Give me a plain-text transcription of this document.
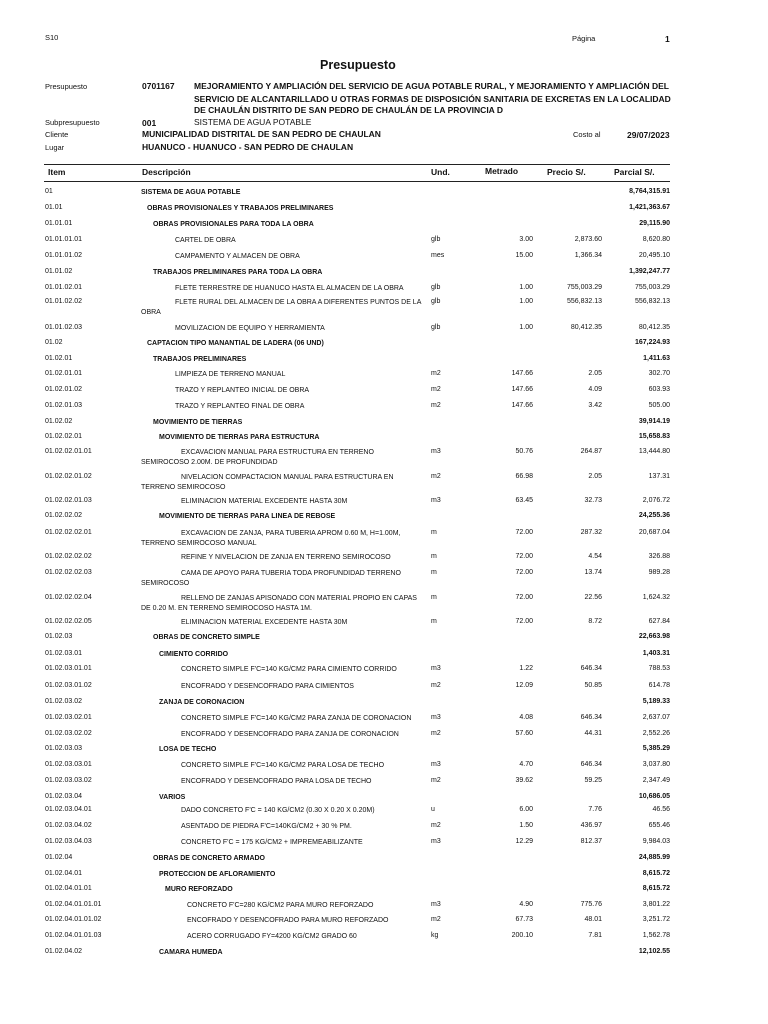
S10	Página	1
Presupuesto
Presupuesto	0701167 MEJORAMIENTO Y AMPLIACIÓN DEL SERVICIO DE AGUA POTABLE RURAL, Y MEJORAMIENTO Y AMPLIACIÓN DEL
SERVICIO DE ALCANTARILLADO U OTRAS FORMAS DE DISPOSICIÓN SANITARIA DE EXCRETAS EN LA LOCALIDAD
DE CHAULÁN DISTRITO DE SAN PEDRO DE CHAULÁN DE LA PROVINCIA D
Subpresupuesto	001	SISTEMA DE AGUA POTABLE
Cliente	MUNICIPALIDAD DISTRITAL DE SAN PEDRO DE CHAULAN	Costo al	29/07/2023
Lugar	HUANUCO - HUANUCO - SAN PEDRO DE CHAULAN
Item	Descripción	Und.	Metrado	Precio S/.	Parcial S/.
01	SISTEMA DE AGUA POTABLE	8,764,315.91
01.01	OBRAS PROVISIONALES Y TRABAJOS PRELIMINARES	1,421,363.67
01.01.01	OBRAS PROVISIONALES PARA TODA LA OBRA	29,115.90
01.01.01.01	CARTEL DE OBRA	glb	3.00	2,873.60	8,620.80
01.01.01.02	CAMPAMENTO Y ALMACEN DE OBRA	mes	15.00	1,366.34	20,495.10
01.01.02	TRABAJOS PRELIMINARES PARA TODA LA OBRA	1,392,247.77
01.01.02.01	FLETE TERRESTRE DE HUANUCO HASTA EL ALMACEN DE LA OBRA	glb	1.00	755,003.29	755,003.29
01.01.02.02	FLETE RURAL DEL ALMACEN DE LA OBRA A DIFERENTES PUNTOS DE LA OBRA
glb	1.00	556,832.13	556,832.13
01.01.02.03	MOVILIZACION DE EQUIPO Y HERRAMIENTA	glb	1.00	80,412.35	80,412.35
01.02	CAPTACION TIPO MANANTIAL DE LADERA (06 UND)	167,224.93
01.02.01	TRABAJOS PRELIMINARES	1,411.63
01.02.01.01	LIMPIEZA DE TERRENO MANUAL	m2	147.66	2.05	302.70
01.02.01.02	TRAZO Y REPLANTEO INICIAL DE OBRA	m2	147.66	4.09	603.93
01.02.01.03	TRAZO Y REPLANTEO FINAL DE OBRA	m2	147.66	3.42	505.00
01.02.02	MOVIMIENTO DE TIERRAS	39,914.19
01.02.02.01	MOVIMIENTO DE TIERRAS PARA ESTRUCTURA	15,658.83
01.02.02.01.01	EXCAVACION MANUAL PARA ESTRUCTURA EN TERRENO SEMIROCOSO 2.00M. DE PROFUNDIDAD
m3	50.76	264.87	13,444.80
01.02.02.01.02	NIVELACION COMPACTACION MANUAL PARA ESTRUCTURA EN TERRENO SEMIROCOSO
m2	66.98	2.05	137.31
01.02.02.01.03	ELIMINACION MATERIAL EXCEDENTE HASTA 30M	m3	63.45	32.73	2,076.72
01.02.02.02	MOVIMIENTO DE TIERRAS PARA LINEA DE REBOSE	24,255.36
01.02.02.02.01	EXCAVACION DE ZANJA, PARA TUBERIA APROM 0.60 M, H=1.00M, TERRENO SEMIROCOSO MANUAL
m	72.00	287.32	20,687.04
01.02.02.02.02	REFINE Y NIVELACION DE ZANJA EN TERRENO SEMIROCOSO	m	72.00	4.54	326.88
01.02.02.02.03	CAMA DE APOYO PARA TUBERIA TODA PROFUNDIDAD TERRENO SEMIROCOSO
m	72.00	13.74	989.28
01.02.02.02.04	RELLENO DE ZANJAS APISONADO CON MATERIAL PROPIO EN CAPAS DE 0.20 M. EN TERRENO SEMIROCOSO HASTA 1M.
m	72.00	22.56	1,624.32
01.02.02.02.05	ELIMINACION MATERIAL EXCEDENTE HASTA 30M	m	72.00	8.72	627.84
01.02.03	OBRAS DE CONCRETO SIMPLE	22,663.98
01.02.03.01	CIMIENTO CORRIDO	1,403.31
01.02.03.01.01	CONCRETO SIMPLE F'C=140 KG/CM2 PARA CIMIENTO CORRIDO	m3	1.22	646.34	788.53
01.02.03.01.02	ENCOFRADO Y DESENCOFRADO PARA CIMIENTOS	m2	12.09	50.85	614.78
01.02.03.02	ZANJA DE CORONACION	5,189.33
01.02.03.02.01	CONCRETO SIMPLE F'C=140 KG/CM2 PARA ZANJA DE CORONACION	m3	4.08	646.34	2,637.07
01.02.03.02.02	ENCOFRADO Y DESENCOFRADO PARA ZANJA DE CORONACION	m2	57.60	44.31	2,552.26
01.02.03.03	LOSA DE TECHO	5,385.29
01.02.03.03.01	CONCRETO SIMPLE F'C=140 KG/CM2 PARA LOSA DE TECHO	m3	4.70	646.34	3,037.80
01.02.03.03.02	ENCOFRADO Y DESENCOFRADO PARA LOSA DE TECHO	m2	39.62	59.25	2,347.49
01.02.03.04	VARIOS	10,686.05
01.02.03.04.01	DADO CONCRETO F'C = 140 KG/CM2 (0.30 X 0.20 X 0.20M)	u	6.00	7.76	46.56
01.02.03.04.02	ASENTADO DE PIEDRA F'C=140KG/CM2 + 30 % PM.	m2	1.50	436.97	655.46
01.02.03.04.03	CONCRETO F'C = 175 KG/CM2 + IMPREMEABILIZANTE	m3	12.29	812.37	9,984.03
01.02.04	OBRAS DE CONCRETO ARMADO	24,885.99
01.02.04.01	PROTECCION DE AFLORAMIENTO	8,615.72
01.02.04.01.01	MURO REFORZADO	8,615.72
01.02.04.01.01.01	CONCRETO F'C=280 KG/CM2 PARA MURO REFORZADO	m3	4.90	775.76	3,801.22
01.02.04.01.01.02	ENCOFRADO Y DESENCOFRADO PARA MURO REFORZADO	m2	67.73	48.01	3,251.72
01.02.04.01.01.03	ACERO CORRUGADO FY=4200 KG/CM2 GRADO 60	kg	200.10	7.81	1,562.78
01.02.04.02	CAMARA HUMEDA	12,102.55
